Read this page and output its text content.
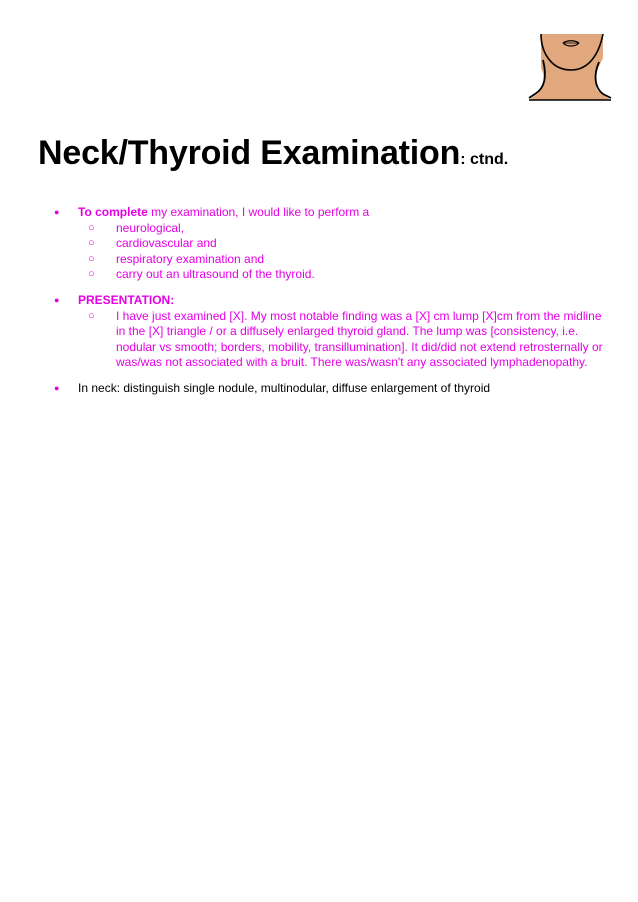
Neck/Thyroid Examination: ctnd.
● To complete my examination, I would like to perform a
○ neurological,
○ cardiovascular and
○ respiratory examination and
○ carry out an ultrasound of the thyroid.
● PRESENTATION:
○ I have just examined [X]. My most notable finding was a [X] cm lump [X]cm from the midline in the [X] triangle / or a diffusely enlarged thyroid gland. The lump was [consistency, i.e. nodular vs smooth; borders, mobility, transillumination]. It did/did not extend retrosternally or was/was not associated with a bruit. There was/wasn't any associated lymphadenopathy.
● In neck: distinguish single nodule, multinodular, diffuse enlargement of thyroid
